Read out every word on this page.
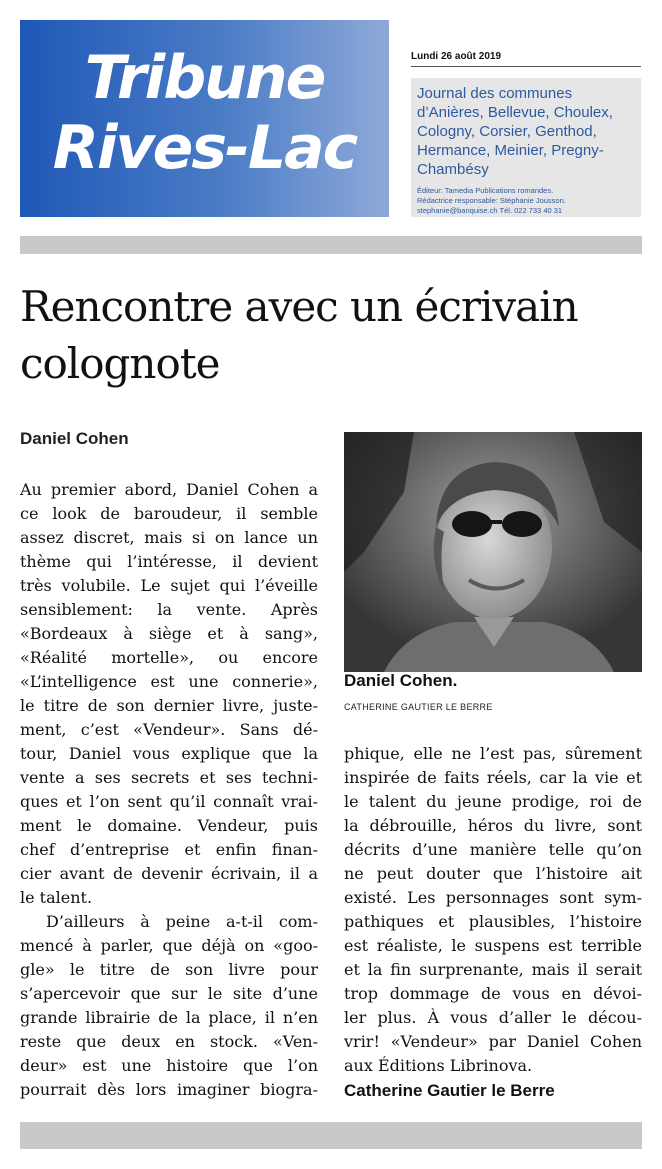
Tribune
Rives-Lac
Lundi 26 août 2019
Journal des communes d’Anières, Bellevue, Choulex, Cologny, Corsier, Genthod, Hermance, Meinier, Pregny-Chambésy
Éditeur: Tamedia Publications romandes.
Rédactrice responsable: Stéphanie Jousson.
stephanie@banquise.ch Tél. 022 733 40 31
Rencontre avec un écrivain colognote
Daniel Cohen
Daniel Cohen.
CATHERINE GAUTIER LE BERRE
Au premier abord, Daniel Cohen a
ce look de baroudeur, il semble
assez discret, mais si on lance un
thème qui l’intéresse, il devient
très volubile. Le sujet qui l’éveille
sensiblement: la vente. Après
«Bordeaux à siège et à sang»,
«Réalité mortelle», ou encore
«L’intelligence est une connerie»,
le titre de son dernier livre, juste-
ment, c’est «Vendeur». Sans dé-
tour, Daniel vous explique que la
vente a ses secrets et ses techni-
ques et l’on sent qu’il connaît vrai-
ment le domaine. Vendeur, puis
chef d’entreprise et enfin finan-
cier avant de devenir écrivain, il a
le talent.
D’ailleurs à peine a-t-il com-
mencé à parler, que déjà on «goo-
gle» le titre de son livre pour
s’apercevoir que sur le site d’une
grande librairie de la place, il n’en
reste que deux en stock. «Ven-
deur» est une histoire que l’on
pourrait dès lors imaginer biogra-
phique, elle ne l’est pas, sûrement
inspirée de faits réels, car la vie et
le talent du jeune prodige, roi de
la débrouille, héros du livre, sont
décrits d’une manière telle qu’on
ne peut douter que l’histoire ait
existé. Les personnages sont sym-
pathiques et plausibles, l’histoire
est réaliste, le suspens est terrible
et la fin surprenante, mais il serait
trop dommage de vous en dévoi-
ler plus. À vous d’aller le décou-
vrir! «Vendeur» par Daniel Cohen
aux Éditions Librinova.
Catherine Gautier le Berre
